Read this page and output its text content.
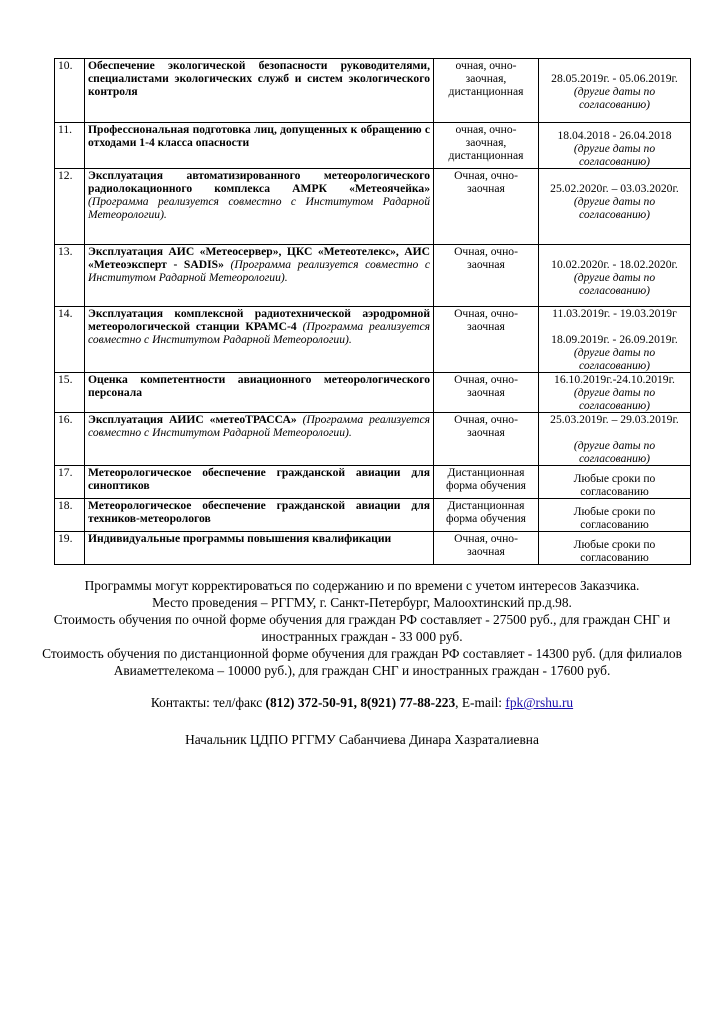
10.	Обеспечение экологической безопасности руководителями, специалистами экологических служб и систем экологического контроля	очная, очно-заочная, дистанционная	28.05.2019г. - 05.06.2019г.
(другие даты по согласованию)

11.	Профессиональная подготовка лиц, допущенных к обращению с отходами 1-4 класса опасности	очная, очно-заочная, дистанционная	18.04.2018 - 26.04.2018
(другие даты по согласованию)

12.	Эксплуатация автоматизированного метеорологического радиолокационного комплекса АМРК «Метеоячейка» (Программа реализуется совместно с Институтом Радарной Метеорологии).	Очная, очно-заочная	25.02.2020г. – 03.03.2020г.
(другие даты по согласованию)

13.	Эксплуатация АИС «Метеосервер», ЦКС «Метеотелекс», АИС «Метеоэксперт - SADIS» (Программа реализуется совместно с Институтом Радарной Метеорологии).	Очная, очно-заочная	10.02.2020г. - 18.02.2020г.
(другие даты по согласованию)

14.	Эксплуатация комплексной радиотехнической аэродромной метеорологической станции КРАМС-4 (Программа реализуется совместно с Институтом Радарной Метеорологии).	Очная, очно-заочная	11.03.2019г. - 19.03.2019г
18.09.2019г. - 26.09.2019г.
(другие даты по согласованию)

15.	Оценка компетентности авиационного метеорологического персонала	Очная, очно-заочная	16.10.2019г.-24.10.2019г.
(другие даты по согласованию)

16.	Эксплуатация АИИС «метеоТРАССА» (Программа реализуется совместно с Институтом Радарной Метеорологии).	Очная, очно-заочная	25.03.2019г. – 29.03.2019г.
(другие даты по согласованию)

17.	Метеорологическое обеспечение гражданской авиации для синоптиков	Дистанционная форма обучения	Любые сроки по согласованию

18.	Метеорологическое обеспечение гражданской авиации для техников-метеорологов	Дистанционная форма обучения	Любые сроки по согласованию

19.	Индивидуальные программы повышения квалификации	Очная, очно-заочная	Любые сроки по согласованию

Программы могут корректироваться по содержанию и по времени с учетом интересов Заказчика.

Место проведения – РГГМУ, г. Санкт-Петербург, Малоохтинский пр.д.98.

Стоимость обучения по очной форме обучения для граждан РФ составляет - 27500 руб., для граждан СНГ и иностранных граждан - 33 000 руб.

Стоимость обучения по дистанционной форме обучения для граждан РФ составляет - 14300 руб. (для филиалов Авиаметтелекома – 10000 руб.), для граждан СНГ и иностранных граждан - 17600 руб.

Контакты: тел/факс (812) 372-50-91, 8(921) 77-88-223, E-mail: fpk@rshu.ru

Начальник ЦДПО РГГМУ Сабанчиева Динара Хазраталиевна
